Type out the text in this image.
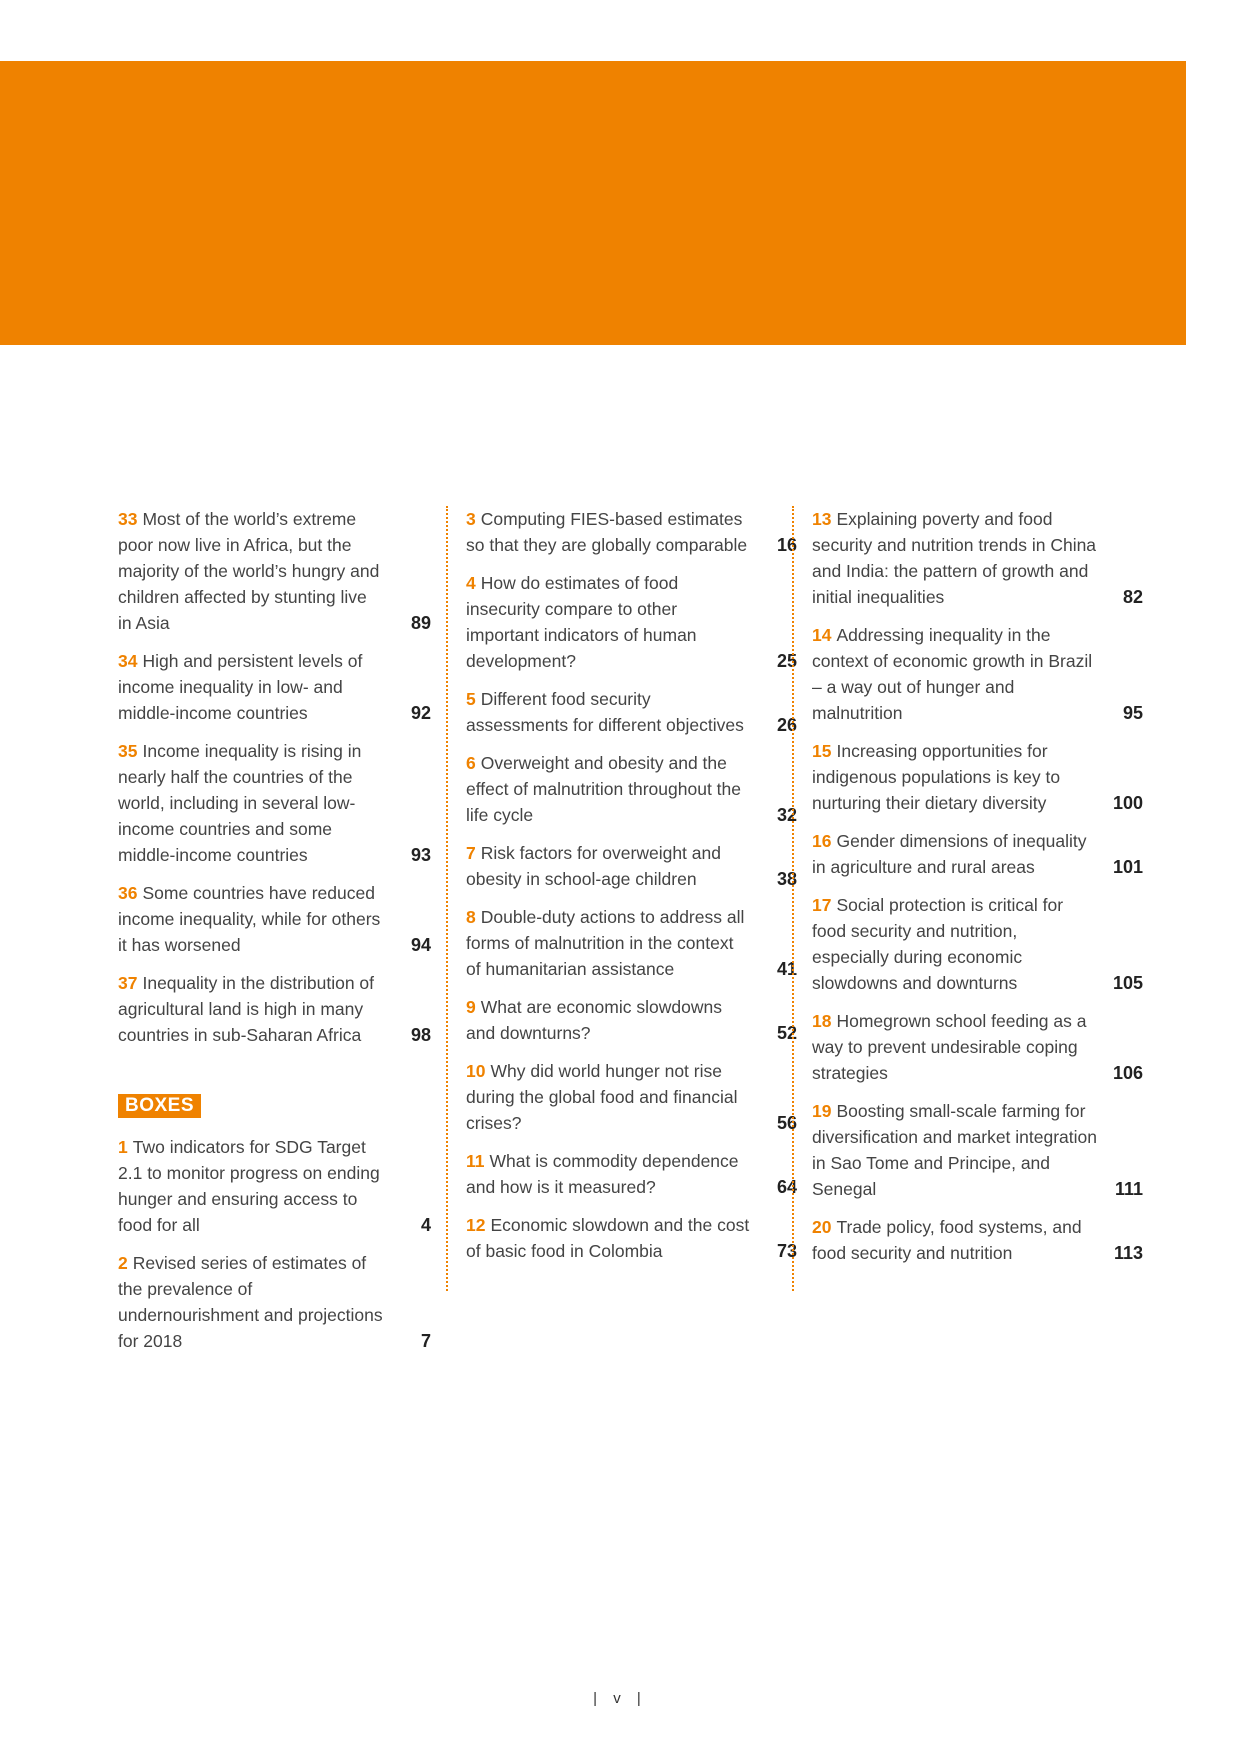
33 Most of the world’s extreme poor now live in Africa, but the majority of the world’s hungry and children affected by stunting live in Asia	89
34 High and persistent levels of income inequality in low- and middle-income countries	92
35 Income inequality is rising in nearly half the countries of the world, including in several low-income countries and some middle-income countries	93
36 Some countries have reduced income inequality, while for others it has worsened	94
37 Inequality in the distribution of agricultural land is high in many countries in sub-Saharan Africa	98
BOXES
1 Two indicators for SDG Target 2.1 to monitor progress on ending hunger and ensuring access to food for all	4
2 Revised series of estimates of the prevalence of undernourishment and projections for 2018	7
3 Computing FIES-based estimates so that they are globally comparable	16
4 How do estimates of food insecurity compare to other important indicators of human development?	25
5 Different food security assessments for different objectives	26
6 Overweight and obesity and the effect of malnutrition throughout the life cycle	32
7 Risk factors for overweight and obesity in school-age children	38
8 Double-duty actions to address all forms of malnutrition in the context of humanitarian assistance	41
9 What are economic slowdowns and downturns?	52
10 Why did world hunger not rise during the global food and financial crises?	56
11 What is commodity dependence and how is it measured?	64
12 Economic slowdown and the cost of basic food in Colombia	73
13 Explaining poverty and food security and nutrition trends in China and India: the pattern of growth and initial inequalities	82
14 Addressing inequality in the context of economic growth in Brazil – a way out of hunger and malnutrition	95
15 Increasing opportunities for indigenous populations is key to nurturing their dietary diversity	100
16 Gender dimensions of inequality in agriculture and rural areas	101
17 Social protection is critical for food security and nutrition, especially during economic slowdowns and downturns	105
18 Homegrown school feeding as a way to prevent undesirable coping strategies	106
19 Boosting small-scale farming for diversification and market integration in Sao Tome and Principe, and Senegal	111
20 Trade policy, food systems, and food security and nutrition	113
| v |
